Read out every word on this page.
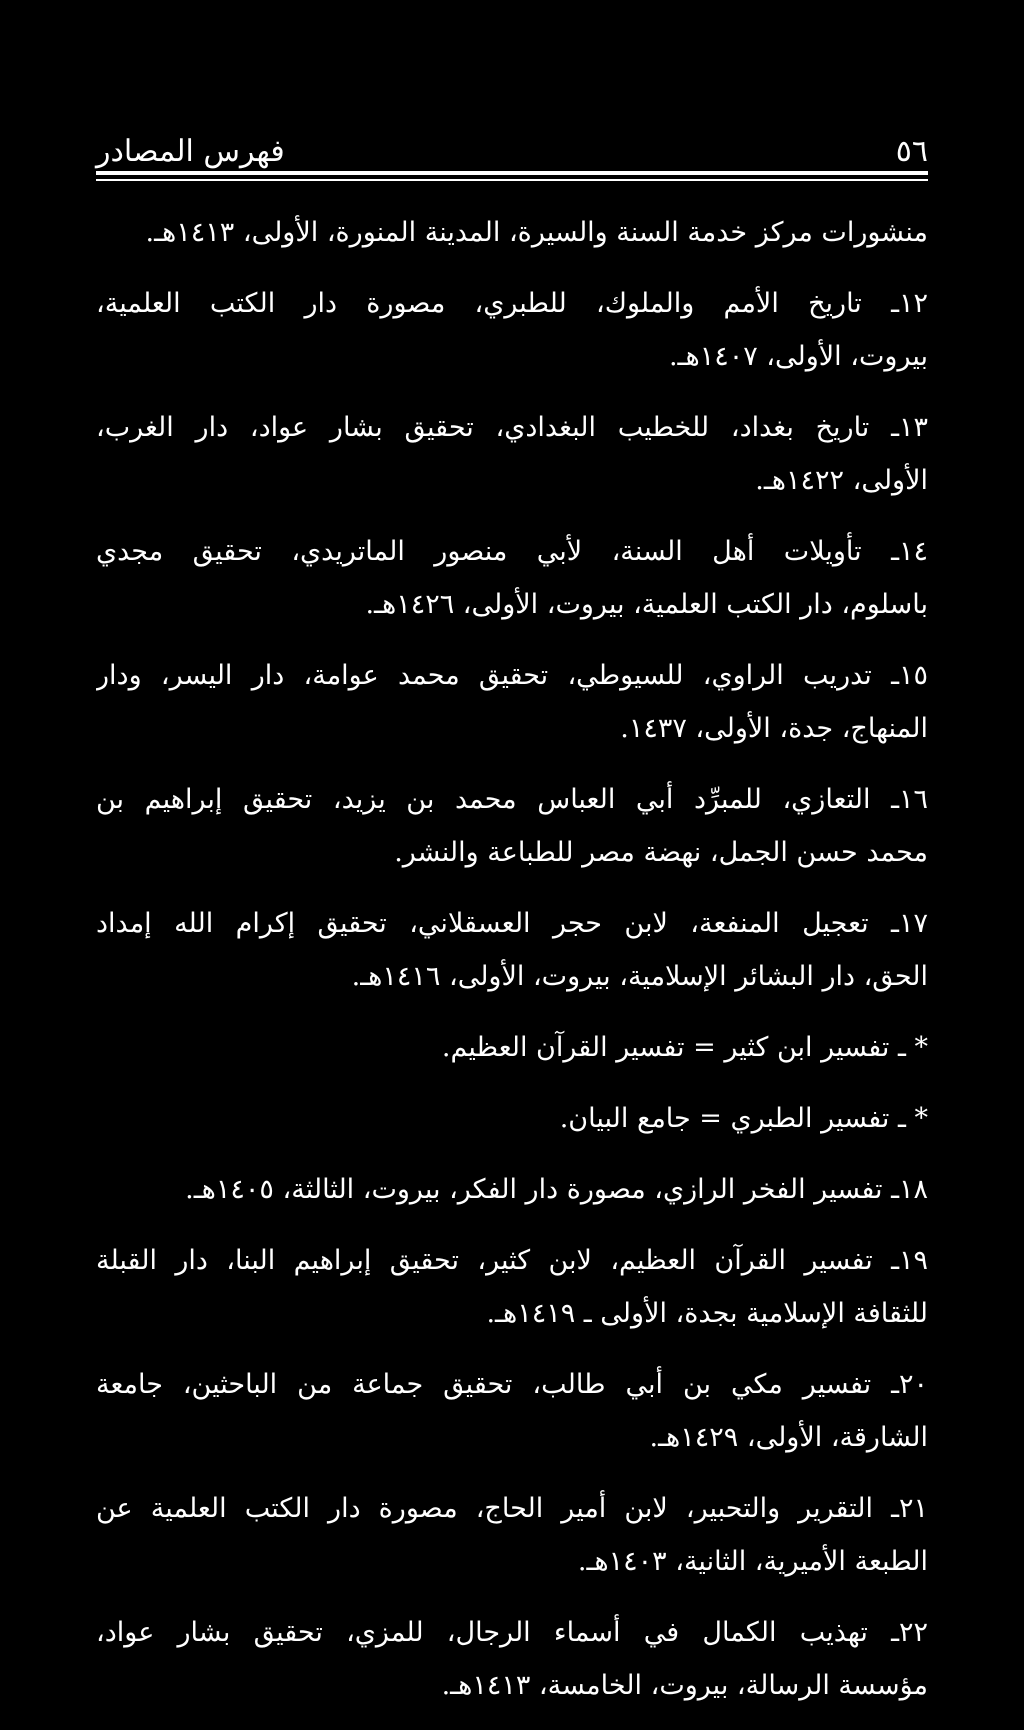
فهرس المصادر	٥٦
منشورات مركز خدمة السنة والسيرة، المدينة المنورة، الأولى، ١٤١٣هـ.
١٢ـ تاريخ الأمم والملوك، للطبري، مصورة دار الكتب العلمية،
بيروت، الأولى، ١٤٠٧هـ.
١٣ـ تاريخ بغداد، للخطيب البغدادي، تحقيق بشار عواد، دار الغرب،
الأولى، ١٤٢٢هـ.
١٤ـ تأويلات أهل السنة، لأبي منصور الماتريدي، تحقيق مجدي
باسلوم، دار الكتب العلمية، بيروت، الأولى، ١٤٢٦هـ.
١٥ـ تدريب الراوي، للسيوطي، تحقيق محمد عوامة، دار اليسر، ودار
المنهاج، جدة، الأولى، ١٤٣٧.
١٦ـ التعازي، للمبرِّد أبي العباس محمد بن يزيد، تحقيق إبراهيم بن
محمد حسن الجمل، نهضة مصر للطباعة والنشر.
١٧ـ تعجيل المنفعة، لابن حجر العسقلاني، تحقيق إكرام الله إمداد
الحق، دار البشائر الإسلامية، بيروت، الأولى، ١٤١٦هـ.
* ـ تفسير ابن كثير = تفسير القرآن العظيم.
* ـ تفسير الطبري = جامع البيان.
١٨ـ تفسير الفخر الرازي، مصورة دار الفكر، بيروت، الثالثة، ١٤٠٥هـ.
١٩ـ تفسير القرآن العظيم، لابن كثير، تحقيق إبراهيم البنا، دار القبلة
للثقافة الإسلامية بجدة، الأولى ـ ١٤١٩هـ.
٢٠ـ تفسير مكي بن أبي طالب، تحقيق جماعة من الباحثين، جامعة
الشارقة، الأولى، ١٤٢٩هـ.
٢١ـ التقرير والتحبير، لابن أمير الحاج، مصورة دار الكتب العلمية عن
الطبعة الأميرية، الثانية، ١٤٠٣هـ.
٢٢ـ تهذيب الكمال في أسماء الرجال، للمزي، تحقيق بشار عواد،
مؤسسة الرسالة، بيروت، الخامسة، ١٤١٣هـ.
